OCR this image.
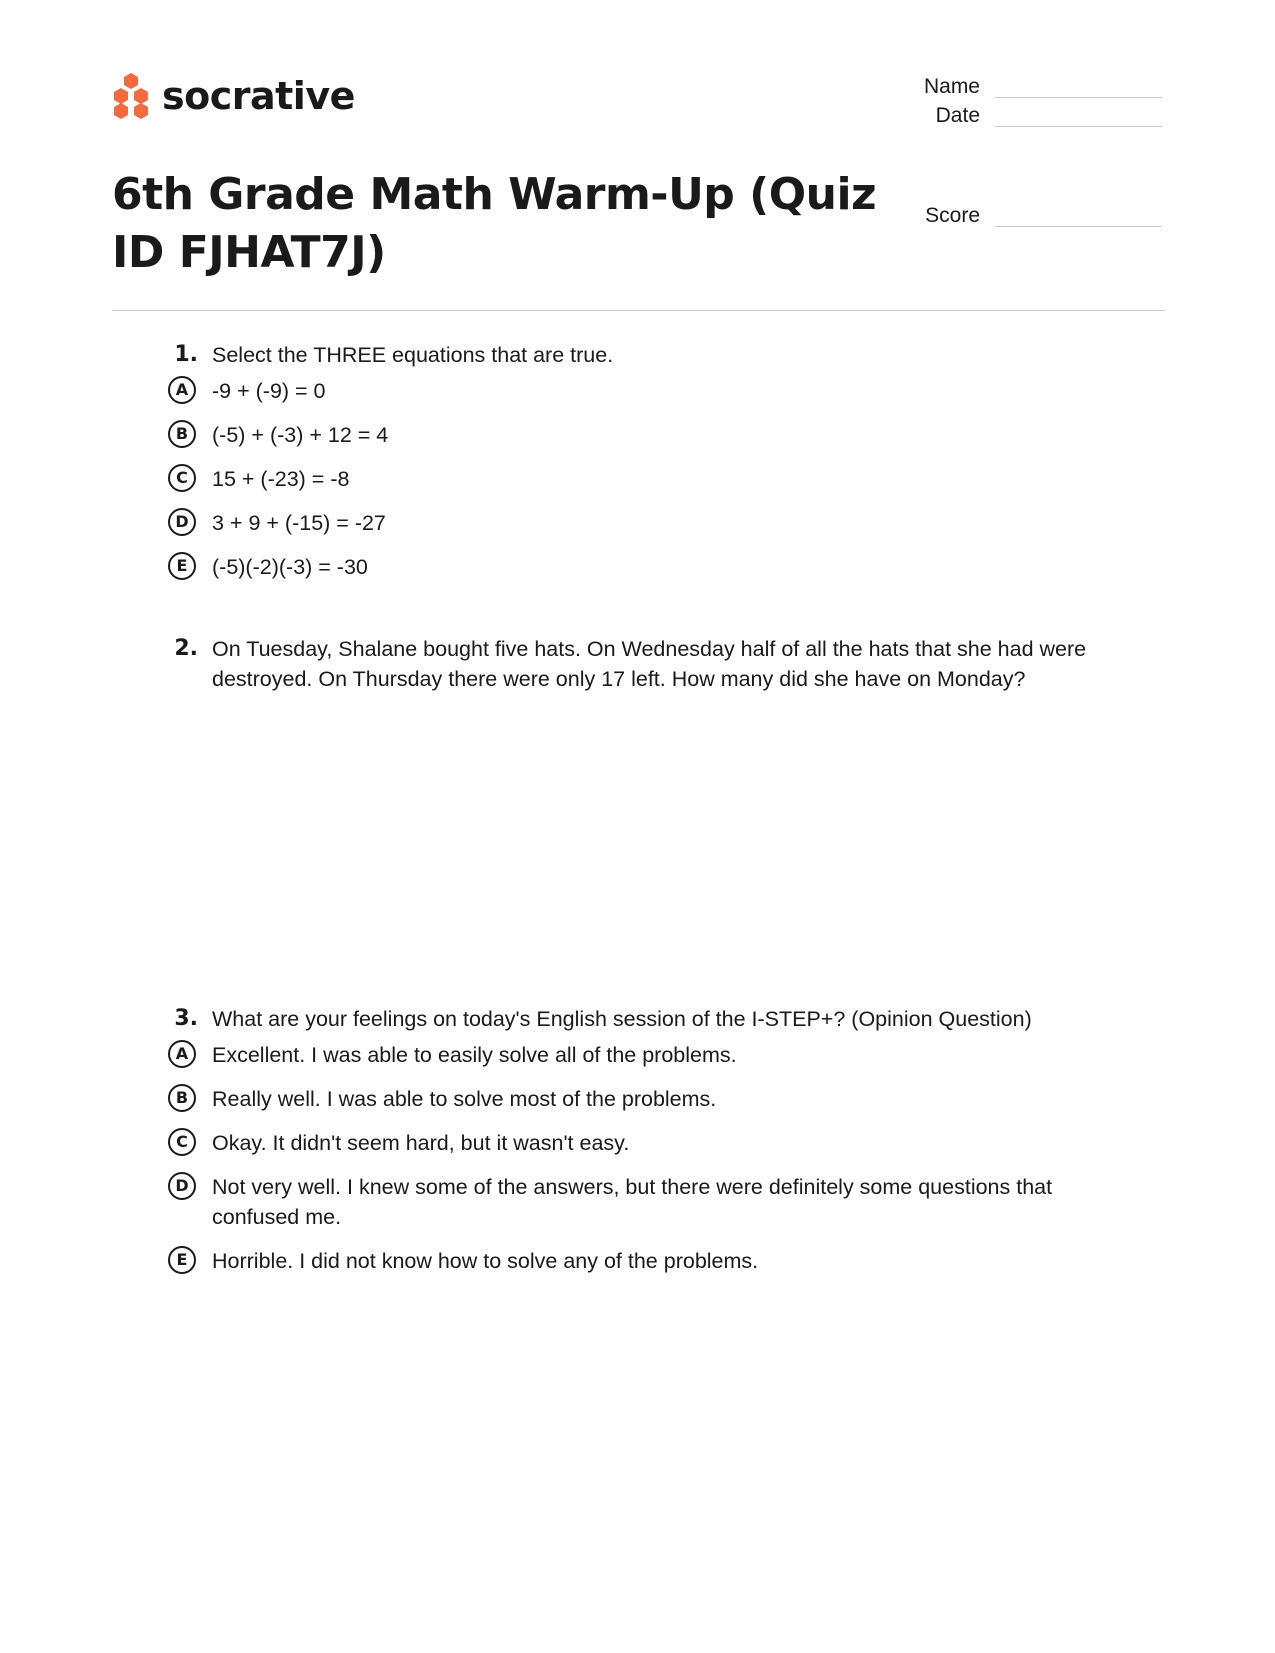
socrative	Name
Date
Score
6th Grade Math Warm-Up (Quiz ID FJHAT7J)
1. Select the THREE equations that are true.
A	-9 + (-9) = 0
B	(-5) + (-3) + 12 = 4
C	15 + (-23) = -8
D	3 + 9 + (-15) = -27
E	(-5)(-2)(-3) = -30
2. On Tuesday, Shalane bought five hats. On Wednesday half of all the hats that she had were destroyed. On Thursday there were only 17 left. How many did she have on Monday?
3. What are your feelings on today's English session of the I-STEP+? (Opinion Question)
A	Excellent. I was able to easily solve all of the problems.
B	Really well. I was able to solve most of the problems.
C	Okay. It didn't seem hard, but it wasn't easy.
D	Not very well. I knew some of the answers, but there were definitely some questions that confused me.
E	Horrible. I did not know how to solve any of the problems.
